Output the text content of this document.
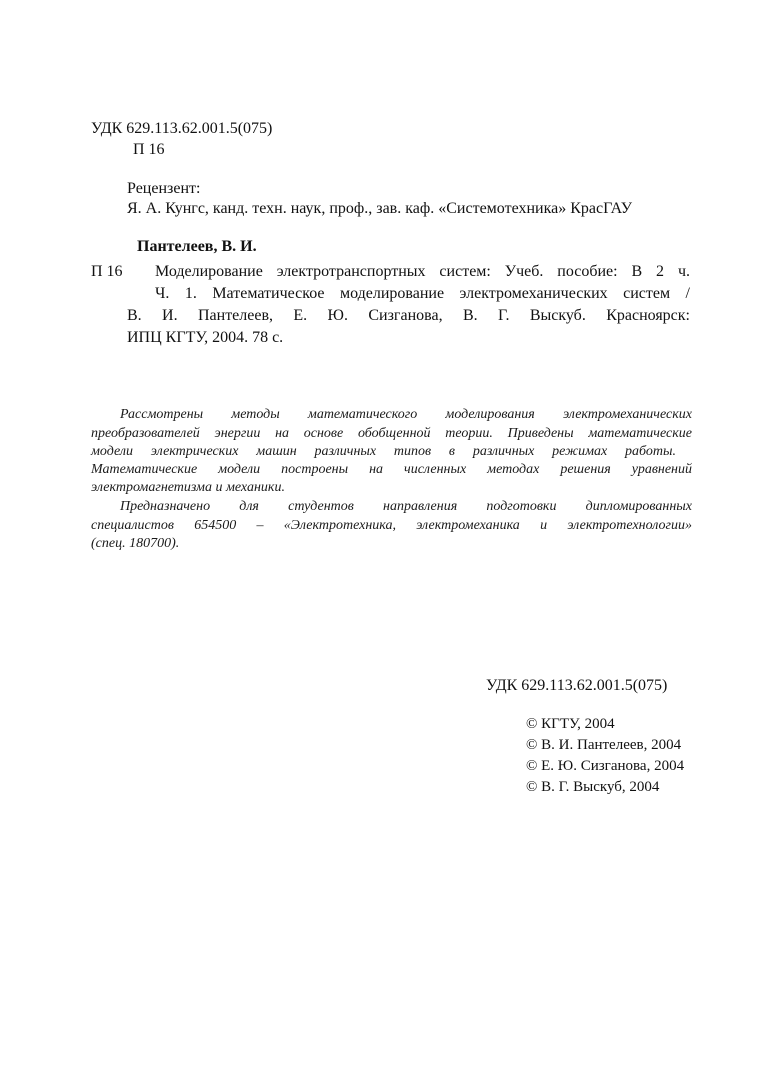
УДК 629.113.62.001.5(075)
П 16
Рецензент:
Я. А. Кунгс, канд. техн. наук, проф., зав. каф. «Системотехника» КрасГАУ
Пантелеев, В. И.
П 16 Моделирование электротранспортных систем: Учеб. пособие: В 2 ч.
Ч. 1. Математическое моделирование электромеханических систем /
В. И. Пантелеев, Е. Ю. Сизганова, В. Г. Выскуб. Красноярск:
ИПЦ КГТУ, 2004. 78 с.
Рассмотрены методы математического моделирования электромеханических
преобразователей энергии на основе обобщенной теории. Приведены математические
модели электрических машин различных типов в различных режимах работы.
Математические модели построены на численных методах решения уравнений
электромагнетизма и механики.
Предназначено для студентов направления подготовки дипломированных
специалистов 654500 – «Электротехника, электромеханика и электротехнологии»
(спец. 180700).
УДК 629.113.62.001.5(075)
© КГТУ, 2004
© В. И. Пантелеев, 2004
© Е. Ю. Сизганова, 2004
© В. Г. Выскуб, 2004
